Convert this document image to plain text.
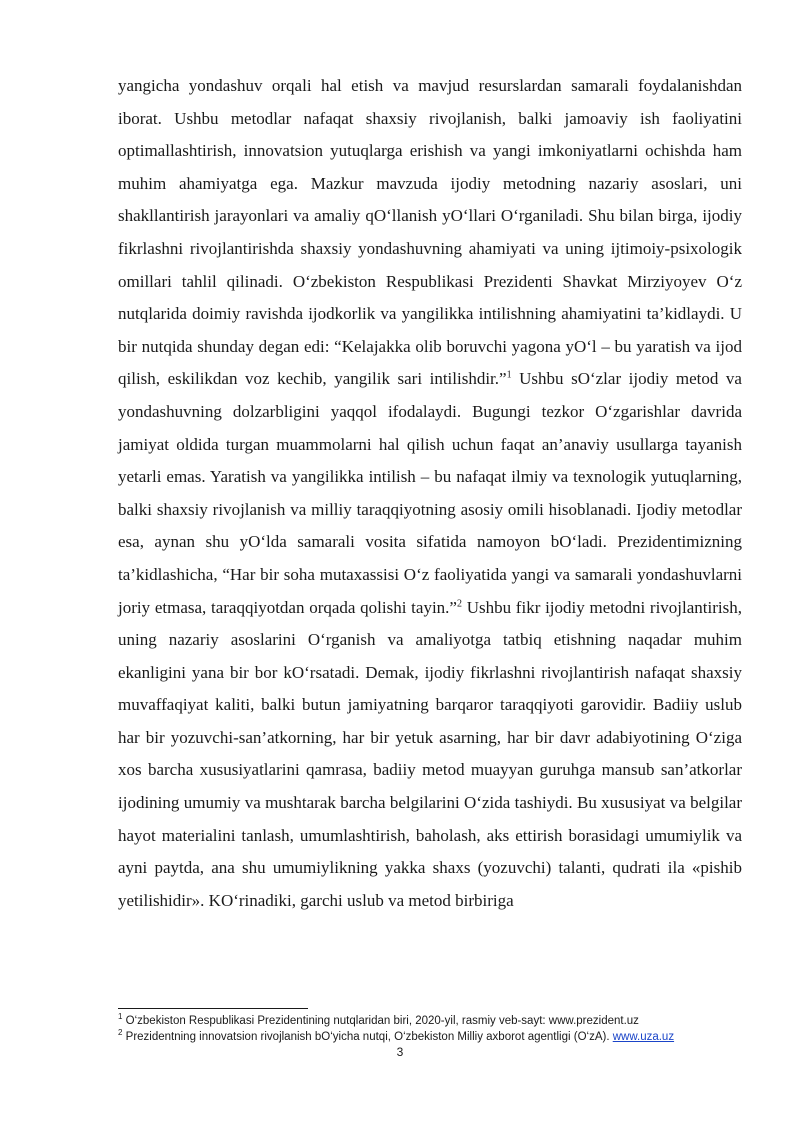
yangicha yondashuv orqali hal etish va mavjud resurslardan samarali foydalanishdan iborat. Ushbu metodlar nafaqat shaxsiy rivojlanish, balki jamoaviy ish faoliyatini optimallashtirish, innovatsion yutuqlarga erishish va yangi imkoniyatlarni ochishda ham muhim ahamiyatga ega. Mazkur mavzuda ijodiy metodning nazariy asoslari, uni shakllantirish jarayonlari va amaliy qO‘llanish yO‘llari O‘rganiladi. Shu bilan birga, ijodiy fikrlashni rivojlantirishda shaxsiy yondashuvning ahamiyati va uning ijtimoiy-psixologik omillari tahlil qilinadi. O‘zbekiston Respublikasi Prezidenti Shavkat Mirziyoyev O‘z nutqlarida doimiy ravishda ijodkorlik va yangilikka intilishning ahamiyatini ta’kidlaydi. U bir nutqida shunday degan edi: “Kelajakka olib boruvchi yagona yO‘l – bu yaratish va ijod qilish, eskilikdan voz kechib, yangilik sari intilishdir.”$^1$ Ushbu sO‘zlar ijodiy metod va yondashuvning dolzarbligini yaqqol ifodalaydi. Bugungi tezkor O‘zgarishlar davrida jamiyat oldida turgan muammolarni hal qilish uchun faqat an’anaviy usullarga tayanish yetarli emas. Yaratish va yangilikka intilish – bu nafaqat ilmiy va texnologik yutuqlarning, balki shaxsiy rivojlanish va milliy taraqqiyotning asosiy omili hisoblanadi. Ijodiy metodlar esa, aynan shu yO‘lda samarali vosita sifatida namoyon bO‘ladi. Prezidentimizning ta’kidlashicha, “Har bir soha mutaxassisi O‘z faoliyatida yangi va samarali yondashuvlarni joriy etmasa, taraqqiyotdan orqada qolishi tayin.”$^2$ Ushbu fikr ijodiy metodni rivojlantirish, uning nazariy asoslarini O‘rganish va amaliyotga tatbiq etishning naqadar muhim ekanligini yana bir bor kO‘rsatadi. Demak, ijodiy fikrlashni rivojlantirish nafaqat shaxsiy muvaffaqiyat kaliti, balki butun jamiyatning barqaror taraqqiyoti garovidir. Badiiy uslub har bir yozuvchi-san’atkorning, har bir yetuk asarning, har bir davr adabiyotining O‘ziga xos barcha xususiyatlarini qamrasa, badiiy metod muayyan guruhga mansub san’atkorlar ijodining umumiy va mushtarak barcha belgilarini O‘zida tashiydi. Bu xususiyat va belgilar hayot materialini tanlash, umumlashtirish, baholash, aks ettirish borasidagi umumiylik va ayni paytda, ana shu umumiylikning yakka shaxs (yozuvchi) talanti, qudrati ila «pishib yetilishidir». KO‘rinadiki, garchi uslub va metod birbiriga

$^1$ O‘zbekiston Respublikasi Prezidentining nutqlaridan biri, 2020-yil, rasmiy veb-sayt: www.prezident.uz

$^2$ Prezidentning innovatsion rivojlanish bO‘yicha nutqi, O‘zbekiston Milliy axborot agentligi (O‘zA). www.uza.uz

3
